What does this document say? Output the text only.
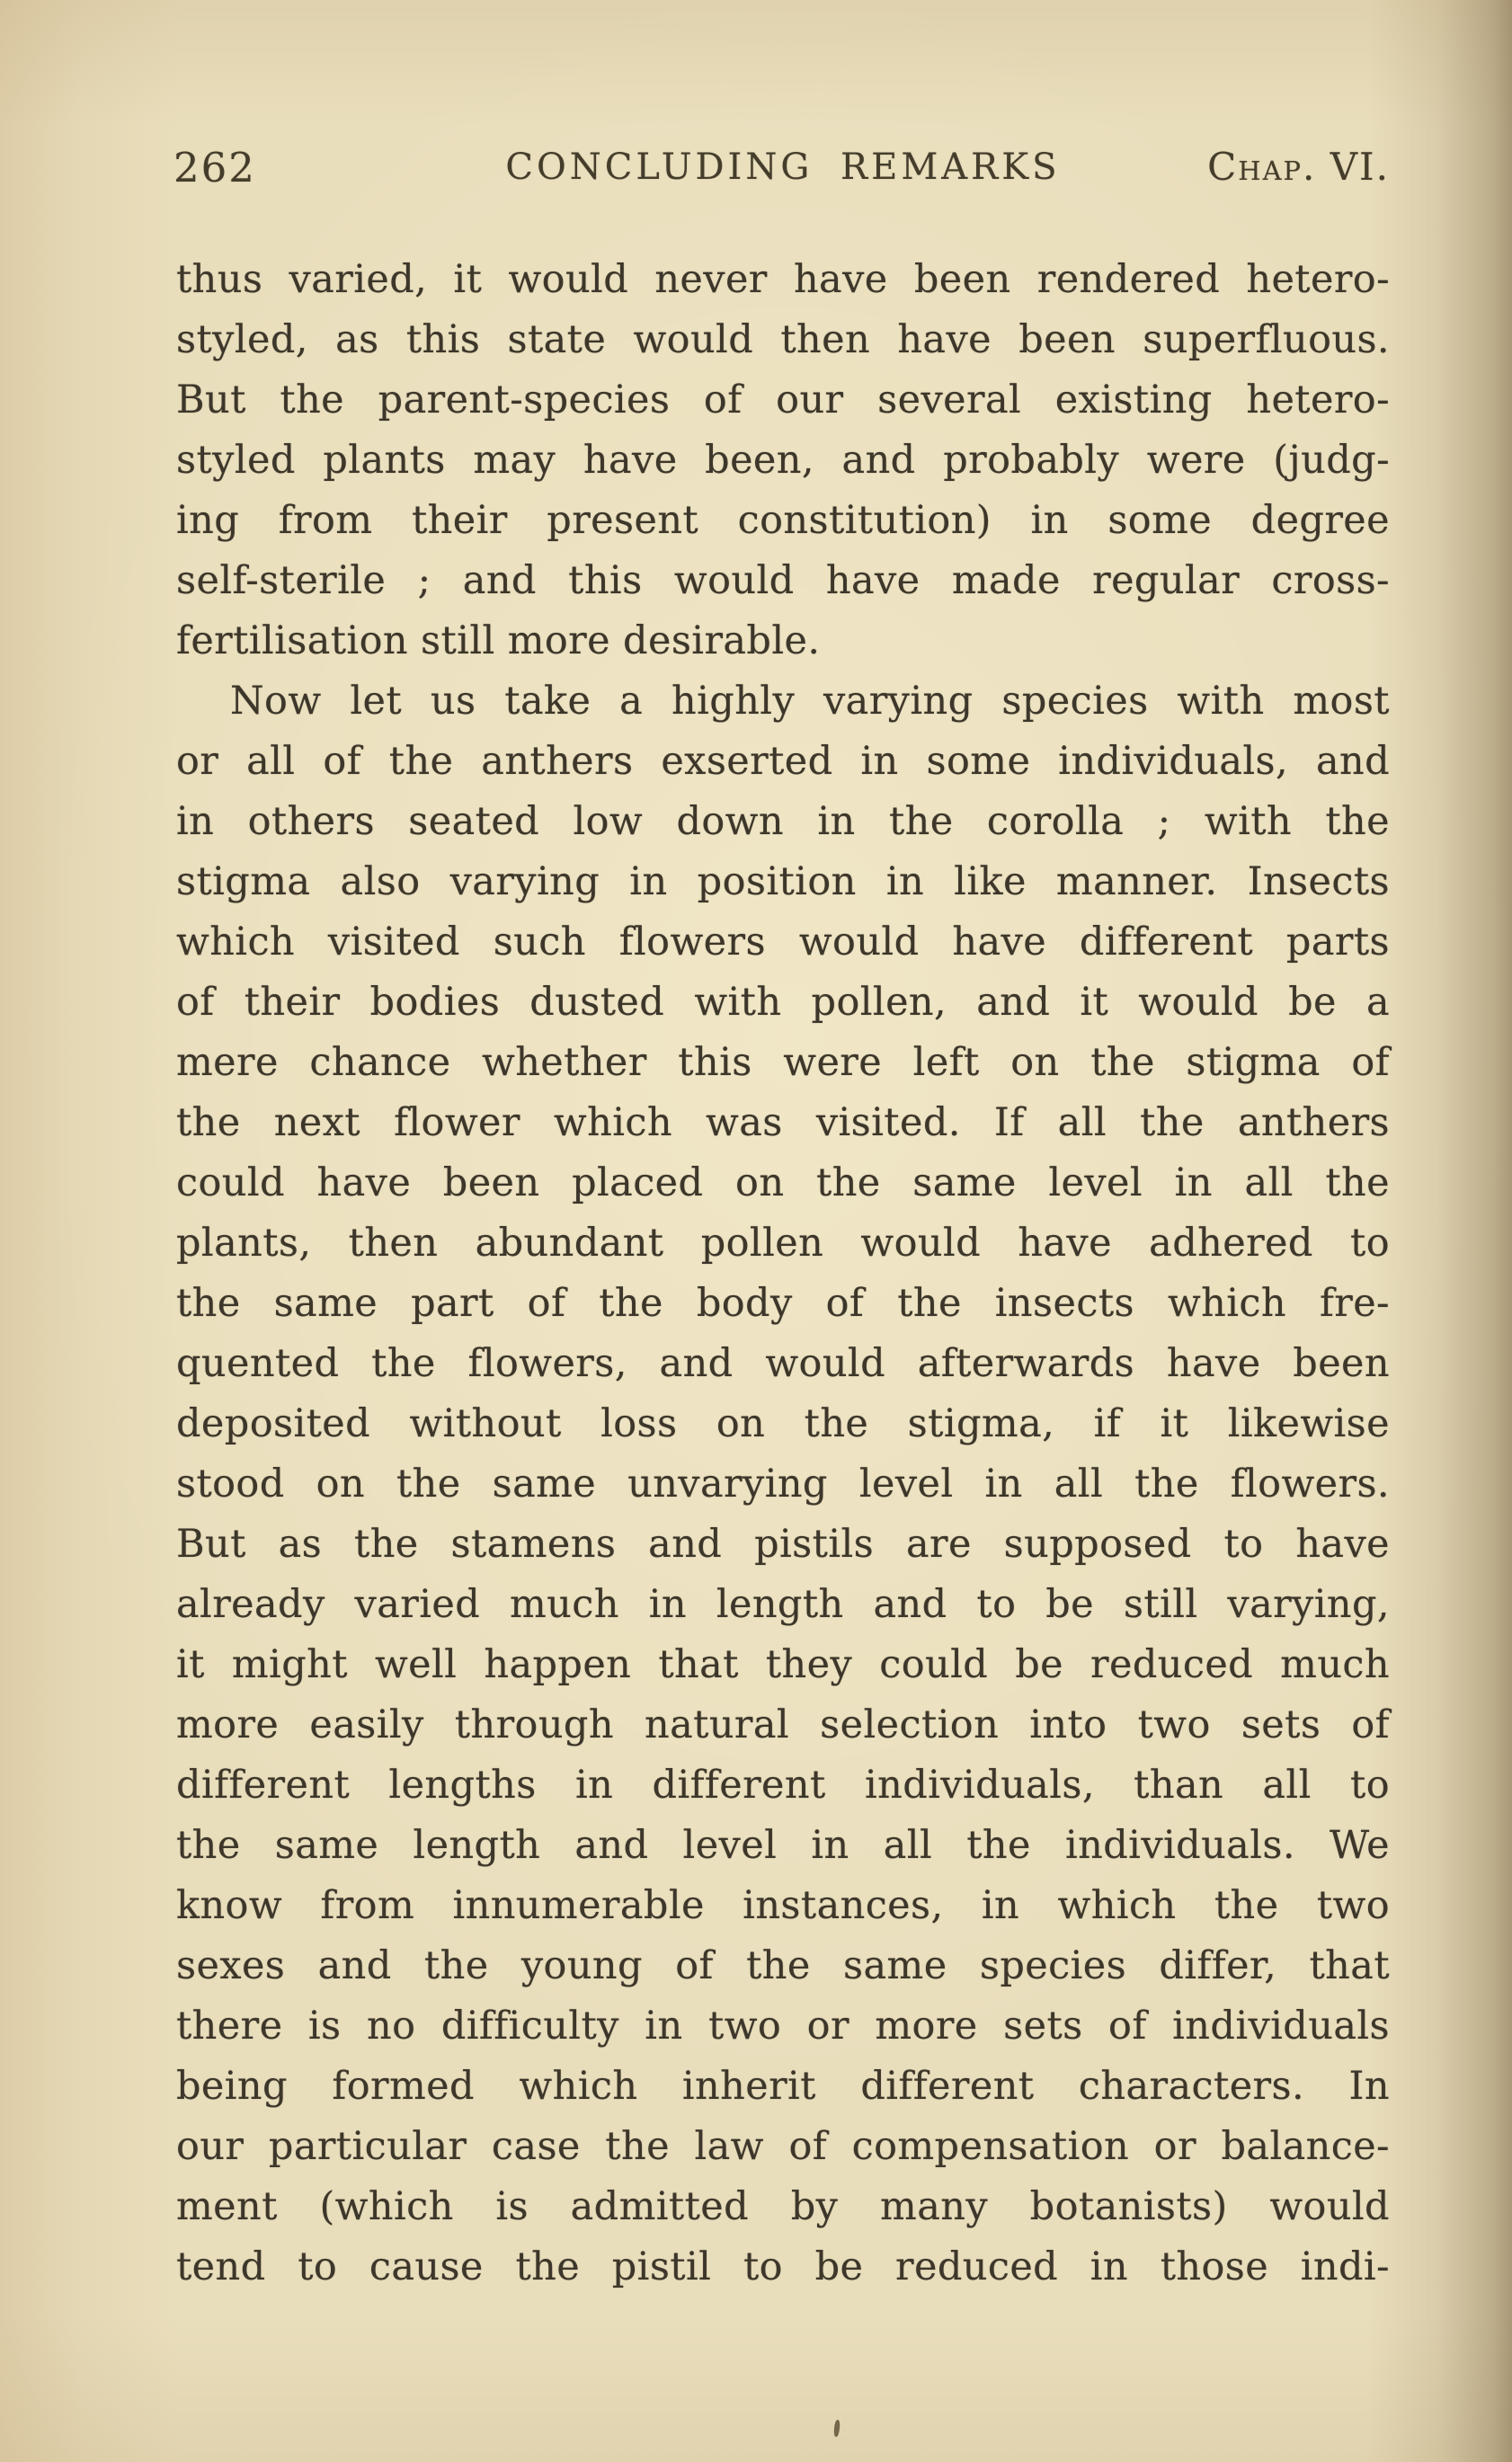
262	CONCLUDING REMARKS	Chap. VI.
thus varied, it would never have been rendered hetero-
styled, as this state would then have been superfluous.
But the parent-species of our several existing hetero-
styled plants may have been, and probably were (judg-
ing from their present constitution) in some degree
self-sterile ; and this would have made regular cross-
fertilisation still more desirable.
Now let us take a highly varying species with most
or all of the anthers exserted in some individuals, and
in others seated low down in the corolla ; with the
stigma also varying in position in like manner. Insects
which visited such flowers would have different parts
of their bodies dusted with pollen, and it would be a
mere chance whether this were left on the stigma of
the next flower which was visited. If all the anthers
could have been placed on the same level in all the
plants, then abundant pollen would have adhered to
the same part of the body of the insects which fre-
quented the flowers, and would afterwards have been
deposited without loss on the stigma, if it likewise
stood on the same unvarying level in all the flowers.
But as the stamens and pistils are supposed to have
already varied much in length and to be still varying,
it might well happen that they could be reduced much
more easily through natural selection into two sets of
different lengths in different individuals, than all to
the same length and level in all the individuals. We
know from innumerable instances, in which the two
sexes and the young of the same species differ, that
there is no difficulty in two or more sets of individuals
being formed which inherit different characters. In
our particular case the law of compensation or balance-
ment (which is admitted by many botanists) would
tend to cause the pistil to be reduced in those indi-
